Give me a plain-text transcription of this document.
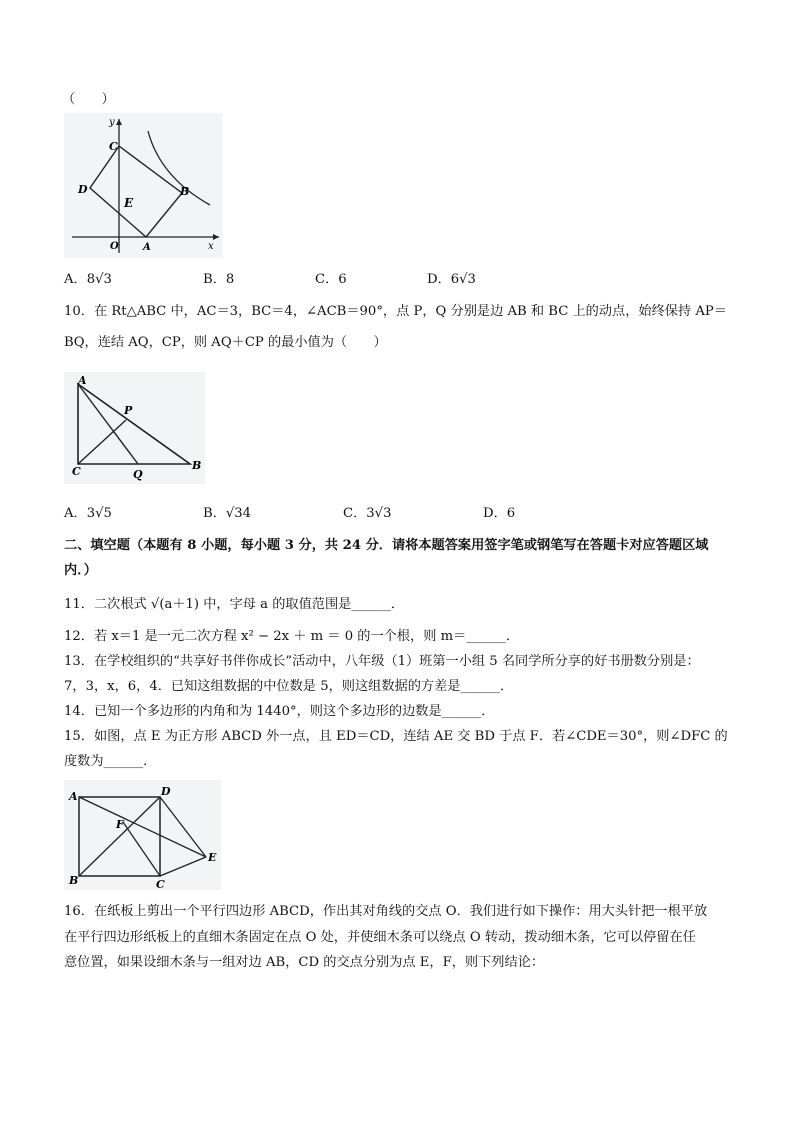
（　　）
y
x
C
D
E
B
O A
A．8√3	B．8	C．6	D．6√3
10．在 Rt△ABC 中，AC＝3，BC＝4，∠ACB＝90°，点 P，Q 分别是边 AB 和 BC 上的动点，始终保持 AP＝
BQ，连结 AQ，CP，则 AQ＋CP 的最小值为（　　）
A
P
C	Q
B
A．3√5	B．√34	C．3√3	D．6
二、填空题（本题有 8 小题，每小题 3 分，共 24 分．请将本题答案用签字笔或钢笔写在答题卡对应答题区域
内．）
11．二次根式 √(a＋1) 中，字母 a 的取值范围是______．
12．若 x＝1 是一元二次方程 x² − 2x ＋ m ＝ 0 的一个根，则 m＝______．
13．在学校组织的“共享好书伴你成长”活动中，八年级（1）班第一小组 5 名同学所分享的好书册数分别是：
7，3，x，6，4．已知这组数据的中位数是 5，则这组数据的方差是______．
14．已知一个多边形的内角和为 1440°，则这个多边形的边数是______．
15．如图，点 E 为正方形 ABCD 外一点，且 ED＝CD，连结 AE 交 BD 于点 F．若∠CDE＝30°，则∠DFC 的
度数为______．
A	D
F
E
B	C
16．在纸板上剪出一个平行四边形 ABCD，作出其对角线的交点 O．我们进行如下操作：用大头针把一根平放
在平行四边形纸板上的直细木条固定在点 O 处，并使细木条可以绕点 O 转动，拨动细木条，它可以停留在任
意位置，如果设细木条与一组对边 AB，CD 的交点分别为点 E，F，则下列结论：
